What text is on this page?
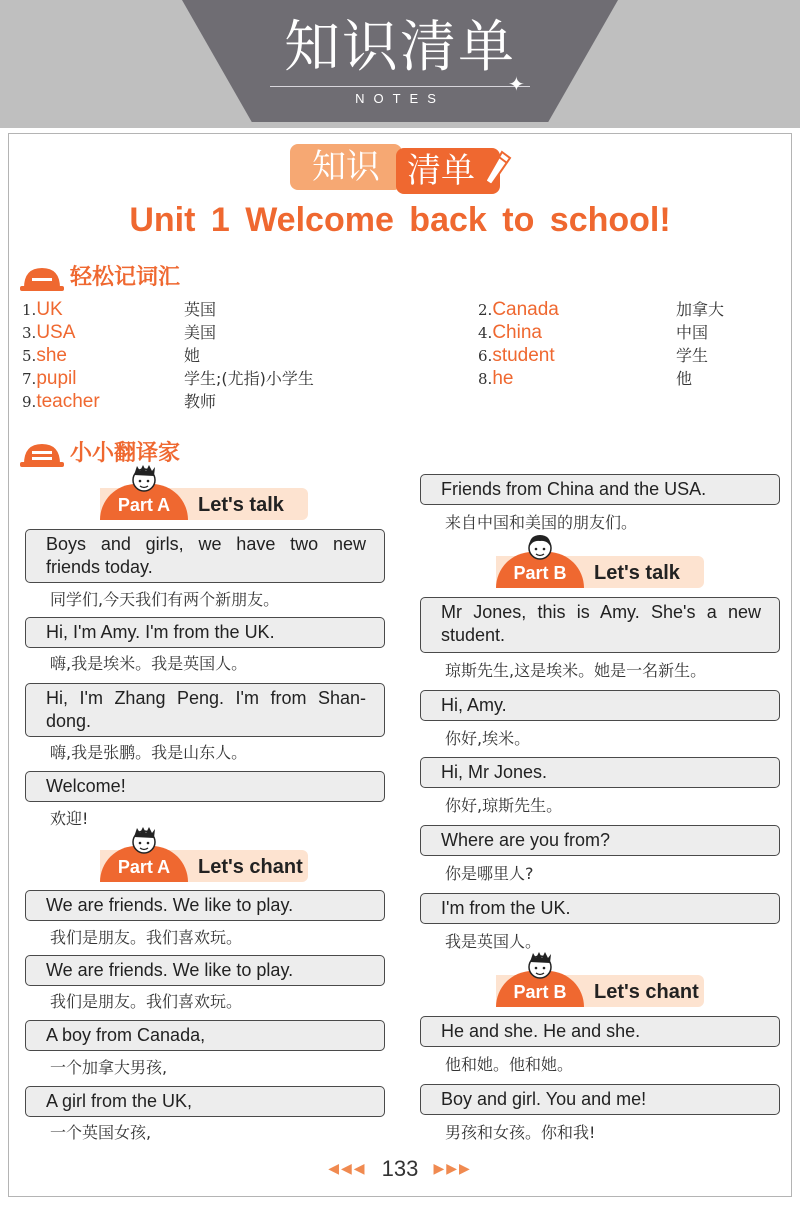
知识清单
✦
NOTES
知识 清单
Unit 1 Welcome back to school!
轻松记词汇
1.UK	英国	2.Canada	加拿大
3.USA	美国	4.China	中国
5.she	她	6.student	学生
7.pupil	学生;(尤指)小学生	8.he	他
9.teacher	教师
小小翻译家
Part A	Let's talk
Boys and girls, we have two new friends today.
同学们,今天我们有两个新朋友。
Hi, I'm Amy. I'm from the UK.
嗨,我是埃米。我是英国人。
Hi, I'm Zhang Peng. I'm from Shan-dong.
嗨,我是张鹏。我是山东人。
Welcome!
欢迎!
Part A	Let's chant
We are friends. We like to play.
我们是朋友。我们喜欢玩。
We are friends. We like to play.
我们是朋友。我们喜欢玩。
A boy from Canada,
一个加拿大男孩,
A girl from the UK,
一个英国女孩,
Friends from China and the USA.
来自中国和美国的朋友们。
Part B	Let's talk
Mr Jones, this is Amy. She's a new student.
琼斯先生,这是埃米。她是一名新生。
Hi, Amy.
你好,埃米。
Hi, Mr Jones.
你好,琼斯先生。
Where are you from?
你是哪里人?
I'm from the UK.
我是英国人。
Part B	Let's chant
He and she. He and she.
他和她。他和她。
Boy and girl. You and me!
男孩和女孩。你和我!
◀◀◀ 133 ▶▶▶
